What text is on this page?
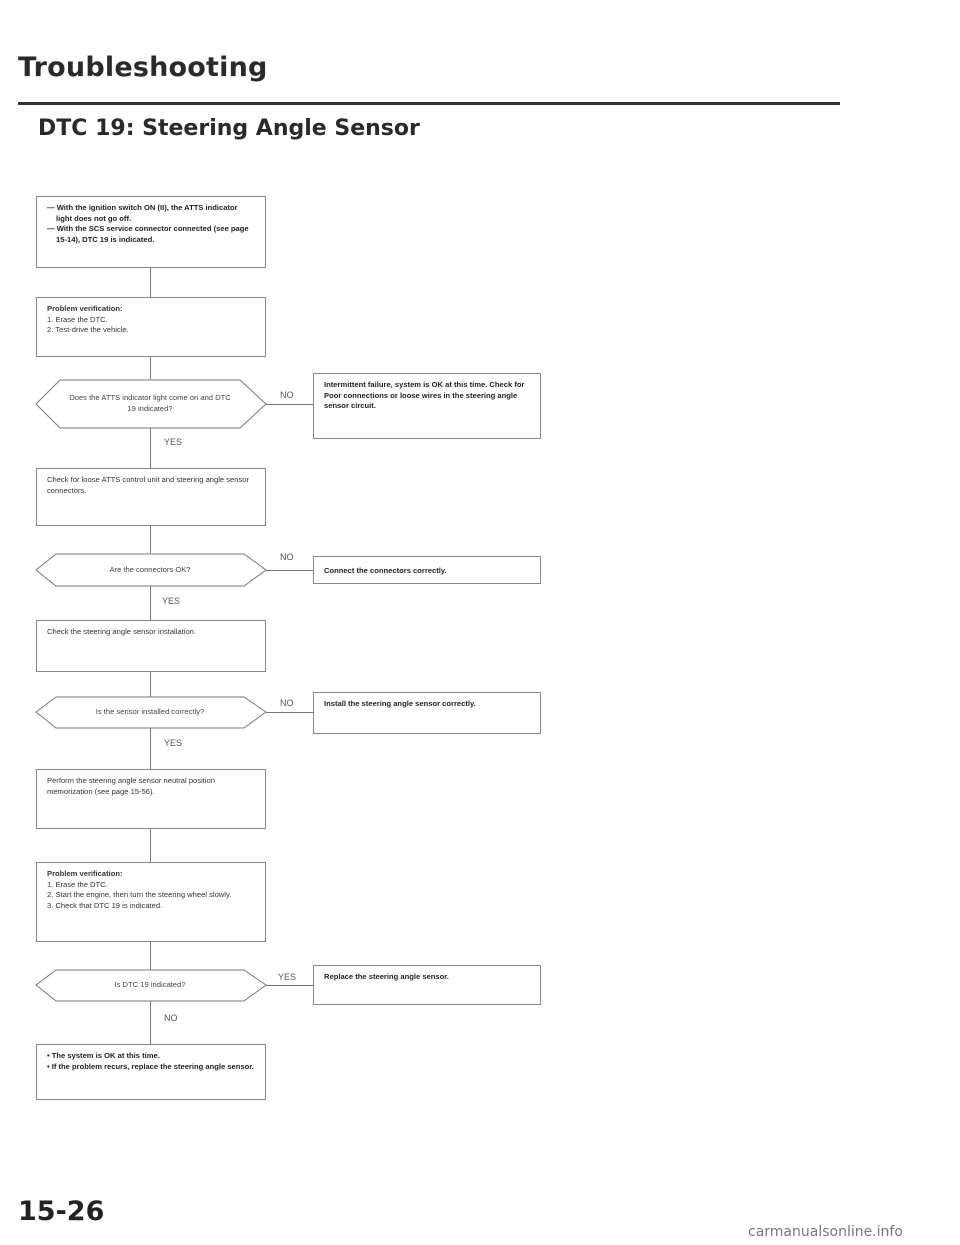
Troubleshooting
DTC 19: Steering Angle Sensor
— With the ignition switch ON (II), the ATTS indicator light does not go off.
— With the SCS service connector connected (see page 15-14), DTC 19 is indicated.
Problem verification:
1. Erase the DTC.
2. Test-drive the vehicle.
Does the ATTS indicator light come on and DTC 19 indicated?
NO
YES
Intermittent failure, system is OK at this time. Check for Poor connections or loose wires in the steering angle sensor circuit.
Check for loose ATTS control unit and steering angle sensor connectors.
Are the connectors OK?
NO
YES
Connect the connectors correctly.
Check the steering angle sensor installation.
Is the sensor installed correctly?
NO
YES
Install the steering angle sensor correctly.
Perform the steering angle sensor neutral position memorization (see page 15-56).
Problem verification:
1. Erase the DTC.
2. Start the engine, then turn the steering wheel slowly.
3. Check that DTC 19 is indicated.
Is DTC 19 indicated?
YES
NO
Replace the steering angle sensor.
• The system is OK at this time.
• If the problem recurs, replace the steering angle sensor.
15-26
carmanualsonline.info
